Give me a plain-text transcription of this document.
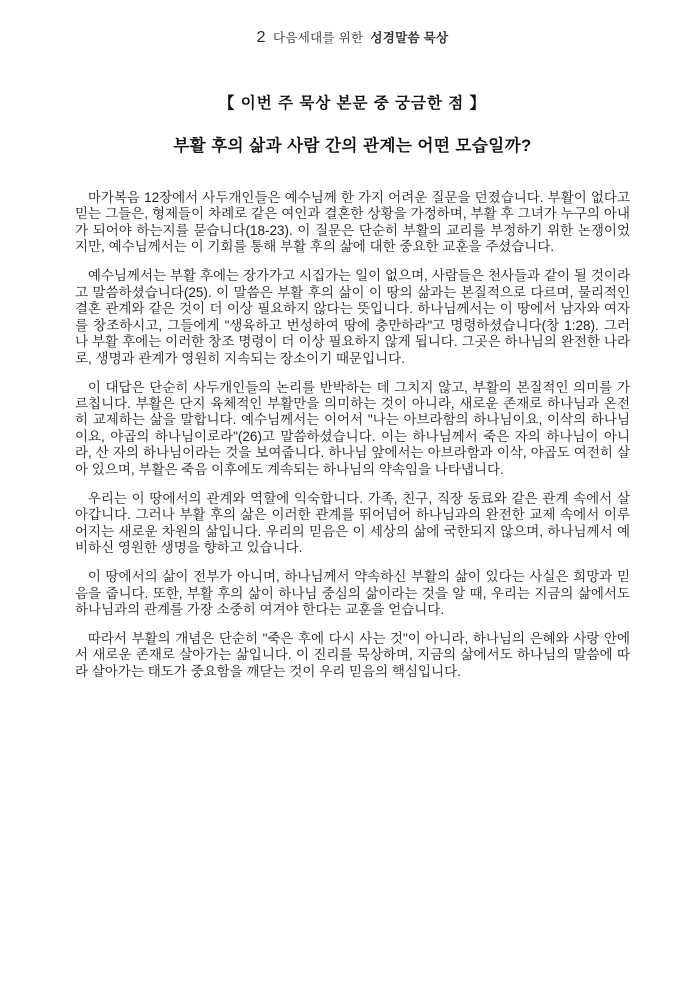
2 다음세대를 위한 성경말씀 묵상
【 이번 주 묵상 본문 중 궁금한 점 】
부활 후의 삶과 사람 간의 관계는 어떤 모습일까?

마가복음 12장에서 사두개인들은 예수님께 한 가지 어려운 질문을 던졌습니다. 부활이 없다고 믿는 그들은, 형제들이 차례로 같은 여인과 결혼한 상황을 가정하며, 부활 후 그녀가 누구의 아내가 되어야 하는지를 묻습니다(18-23). 이 질문은 단순히 부활의 교리를 부정하기 위한 논쟁이었지만, 예수님께서는 이 기회를 통해 부활 후의 삶에 대한 중요한 교훈을 주셨습니다.

예수님께서는 부활 후에는 장가가고 시집가는 일이 없으며, 사람들은 천사들과 같이 될 것이라고 말씀하셨습니다(25). 이 말씀은 부활 후의 삶이 이 땅의 삶과는 본질적으로 다르며, 물리적인 결혼 관계와 같은 것이 더 이상 필요하지 않다는 뜻입니다. 하나님께서는 이 땅에서 남자와 여자를 창조하시고, 그들에게 "생육하고 번성하여 땅에 충만하라"고 명령하셨습니다(창 1:28). 그러나 부활 후에는 이러한 창조 명령이 더 이상 필요하지 않게 됩니다. 그곳은 하나님의 완전한 나라로, 생명과 관계가 영원히 지속되는 장소이기 때문입니다.

이 대답은 단순히 사두개인들의 논리를 반박하는 데 그치지 않고, 부활의 본질적인 의미를 가르칩니다. 부활은 단지 육체적인 부활만을 의미하는 것이 아니라, 새로운 존재로 하나님과 온전히 교제하는 삶을 말합니다. 예수님께서는 이어서 "나는 아브라함의 하나님이요, 이삭의 하나님이요, 야곱의 하나님이로라"(26)고 말씀하셨습니다. 이는 하나님께서 죽은 자의 하나님이 아니라, 산 자의 하나님이라는 것을 보여줍니다. 하나님 앞에서는 아브라함과 이삭, 야곱도 여전히 살아 있으며, 부활은 죽음 이후에도 계속되는 하나님의 약속임을 나타냅니다.

우리는 이 땅에서의 관계와 역할에 익숙합니다. 가족, 친구, 직장 동료와 같은 관계 속에서 살아갑니다. 그러나 부활 후의 삶은 이러한 관계를 뛰어넘어 하나님과의 완전한 교제 속에서 이루어지는 새로운 차원의 삶입니다. 우리의 믿음은 이 세상의 삶에 국한되지 않으며, 하나님께서 예비하신 영원한 생명을 향하고 있습니다.

이 땅에서의 삶이 전부가 아니며, 하나님께서 약속하신 부활의 삶이 있다는 사실은 희망과 믿음을 줍니다. 또한, 부활 후의 삶이 하나님 중심의 삶이라는 것을 알 때, 우리는 지금의 삶에서도 하나님과의 관계를 가장 소중히 여겨야 한다는 교훈을 얻습니다.

따라서 부활의 개념은 단순히 "죽은 후에 다시 사는 것"이 아니라, 하나님의 은혜와 사랑 안에서 새로운 존재로 살아가는 삶입니다. 이 진리를 묵상하며, 지금의 삶에서도 하나님의 말씀에 따라 살아가는 태도가 중요함을 깨닫는 것이 우리 믿음의 핵심입니다.
